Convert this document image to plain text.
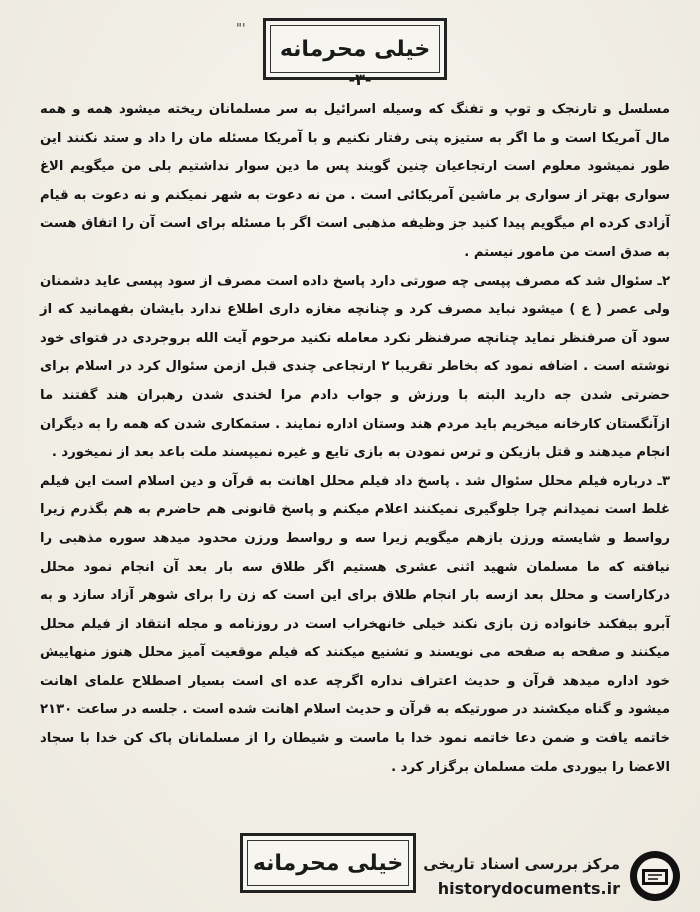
"'
خیلی محرمانه
-۳-

مسلسل و تارنجک و توپ و تفنگ که وسیله اسرائیل به سر مسلمانان ریخته میشود همه و همه مال آمریکا است و ما اگر به ستیزه پنی رفتار نکنیم و با آمریکا مسئله مان را داد و ستد نکنند این طور نمیشود معلوم است ارتجاعیان چنین گویند پس ما دین سوار نداشتیم بلی من میگویم الاغ سواری بهتر از سواری بر ماشین آمریکائی است . من نه دعوت به شهر نمیکنم و نه دعوت به قیام آزادی کرده ام میگویم پیدا کنید جز وظیفه مذهبی است اگر با مسئله برای است آن را اتفاق هست به صدق است من مامور نیستم .

۲ـ سئوال شد که مصرف پپسی چه صورتی دارد پاسخ داده است مصرف از سود پپسی عاید دشمنان ولی عصر ( ع ) میشود نباید مصرف کرد و چنانچه مغازه داری اطلاع ندارد بایشان بفهمانید که از سود آن صرفنظر نماید چنانچه صرفنظر نکرد معامله نکنید مرحوم آیت الله بروجردی در فتوای خود نوشته است . اضافه نمود که بخاطر تقریبا ۲ ارتجاعی چندی قبل ازمن سئوال کرد در اسلام برای حضرتی شدن جه دارید البته با ورزش و جواب دادم مرا لخندی شدن رهبران هند گفتند ما ازآنگستان کارخانه میخریم باید مردم هند وستان اداره نمایند . ستمکاری شدن که همه را به دیگران انجام میدهند و قتل بازیکن و ترس نمودن به بازی تایع و غیره نمیپسند ملت باعد بعد از نمیخورد .

۳ـ درباره فیلم محلل سئوال شد . پاسخ داد فیلم محلل اهانت به قرآن و دین اسلام است این فیلم غلط است نمیدانم چرا جلوگیری نمیکنند اعلام میکنم و پاسخ قانونی هم حاضرم به هم بگذرم زیرا رواسط و شایسته ورزن بازهم میگویم زیرا سه و رواسط ورزن محدود میدهد سوره مذهبی را نیافته که ما مسلمان شهید اثنی عشری هستیم اگر طلاق سه بار بعد آن انجام نمود محلل درکاراست و محلل بعد ازسه بار انجام طلاق برای این است که زن را برای شوهر آزاد سازد و به آبرو بیفکند خانواده زن بازی نکند خیلی خانهخراب است در روزنامه و مجله انتقاد از فیلم محلل میکنند و صفحه به صفحه می نویسند و تشنیع میکنند که فیلم موقعیت آمیز محلل هنوز منهاییش خود اداره میدهد قرآن و حدیث اعتراف نداره اگرچه عده ای است بسیار اصطلاح علمای اهانت میشود و گناه میکشند در صورتیکه به قرآن و حدیث اسلام اهانت شده است . جلسه در ساعت ۲۱۳۰ خاتمه یافت و ضمن دعا خاتمه نمود خدا با ماست و شیطان را از مسلمانان پاک کن خدا با سجاد الاعضا را بیوردی ملت مسلمان برگزار کرد .

خیلی محرمانه مرکز بررسی اسناد تاریخی
historydocuments.ir
